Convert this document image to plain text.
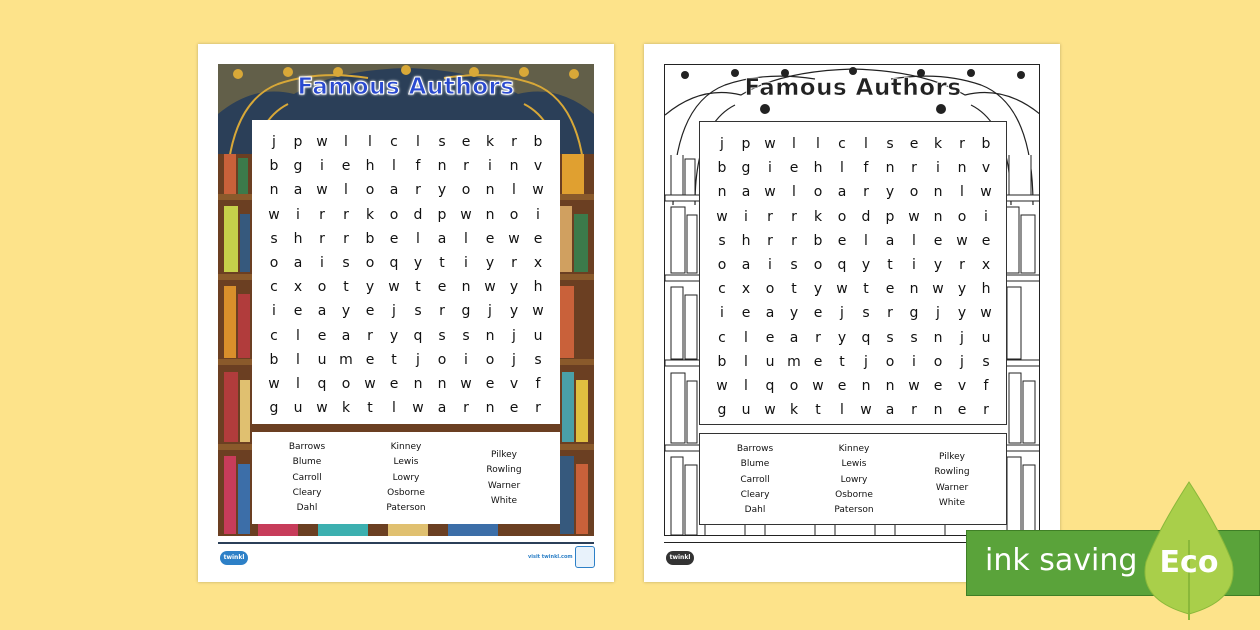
Famous Authors
j	p w	l	l	c	l	s	e	k	r	b
b	g	i	e	h	l	f	n	r	i	n	v
n	a w	l	o	a	r	y	o	n	l	w
w	i	r	r	k	o	d	p w n	o	i
s	h	r	r	b	e	l	a	l	e w e
o	a	i	s	o	q	y	t	i	y	r	x
c	x	o	t	y	w	t	e	n w	y	h
i	e	a	y	e	j	s	r	g	j	y	w
c	l	e	a	r	y	q	s	s	n	j	u
b	l	u m e	t	j	o	i	o	j	s
w	l	q	o w e	n	n w e	v	f
g	u w	k	t	l	w a	r	n	e	r
Barrows
Blume
Carroll
Cleary
Dahl
Kinney
Lewis
Lowry
Osborne
Paterson
Pilkey
Rowling
Warner
White
twinkl	visit twinkl.com
Famous Authors
j	p w	l	l	c	l	s	e	k	r	b
b	g	i	e	h	l	f	n	r	i	n	v
n	a w	l	o	a	r	y	o	n	l	w
w	i	r	r	k	o	d	p w n	o	i
s	h	r	r	b	e	l	a	l	e w e
o	a	i	s	o	q	y	t	i	y	r	x
c	x	o	t	y	w	t	e	n w	y	h
i	e	a	y	e	j	s	r	g	j	y	w
c	l	e	a	r	y	q	s	s	n	j	u
b	l	u m e	t	j	o	i	o	j	s
w	l	q	o w e	n	n w e	v	f
g	u w	k	t	l	w a	r	n	e	r
Barrows
Blume
Carroll
Cleary
Dahl
Kinney
Lewis
Lowry
Osborne
Paterson
Pilkey
Rowling
Warner
White
twinkl	ink saving Eco
